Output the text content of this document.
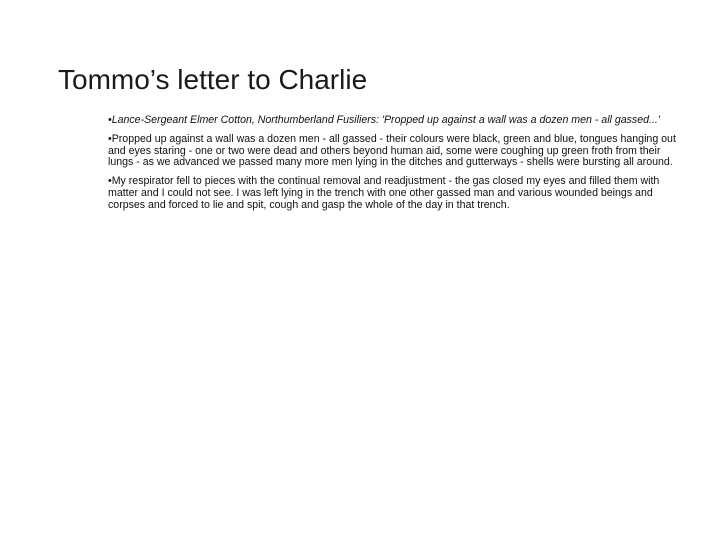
Tommo’s letter to Charlie

•Lance-Sergeant Elmer Cotton, Northumberland Fusiliers: 'Propped up against a wall was a dozen men - all gassed...'

•Propped up against a wall was a dozen men - all gassed - their colours were black, green and blue, tongues hanging out and eyes staring - one or two were dead and others beyond human aid, some were coughing up green froth from their lungs - as we advanced we passed many more men lying in the ditches and gutterways - shells were bursting all around.

•My respirator fell to pieces with the continual removal and readjustment - the gas closed my eyes and filled them with matter and I could not see. I was left lying in the trench with one other gassed man and various wounded beings and corpses and forced to lie and spit, cough and gasp the whole of the day in that trench.
